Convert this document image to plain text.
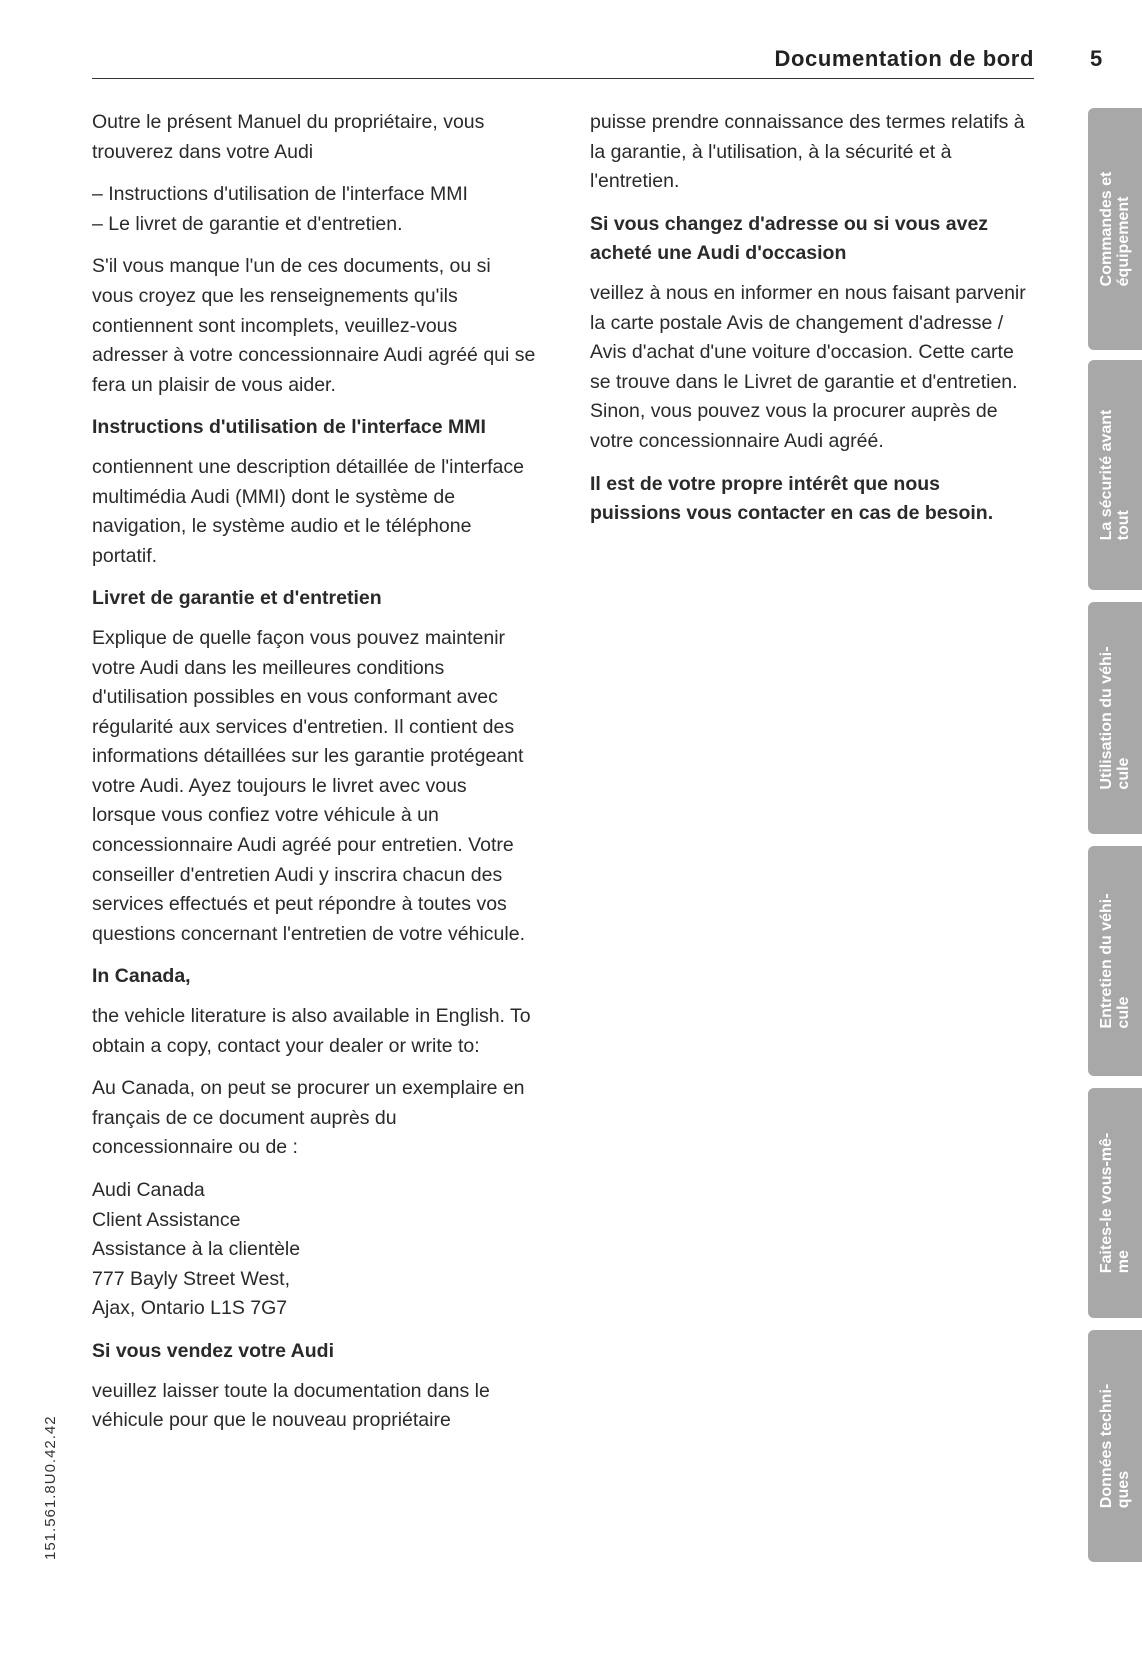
Documentation de bord	5

Outre le présent Manuel du propriétaire, vous trouverez dans votre Audi

– Instructions d'utilisation de l'interface MMI
– Le livret de garantie et d'entretien.

S'il vous manque l'un de ces documents, ou si vous croyez que les renseignements qu'ils contiennent sont incomplets, veuillez-vous adresser à votre concessionnaire Audi agréé qui se fera un plaisir de vous aider.

Instructions d'utilisation de l'interface MMI

contiennent une description détaillée de l'interface multimédia Audi (MMI) dont le système de navigation, le système audio et le téléphone portatif.

Livret de garantie et d'entretien

Explique de quelle façon vous pouvez maintenir votre Audi dans les meilleures conditions d'utilisation possibles en vous conformant avec régularité aux services d'entretien. Il contient des informations détaillées sur les garantie protégeant votre Audi. Ayez toujours le livret avec vous lorsque vous confiez votre véhicule à un concessionnaire Audi agréé pour entretien. Votre conseiller d'entretien Audi y inscrira chacun des services effectués et peut répondre à toutes vos questions concernant l'entretien de votre véhicule.

In Canada,

the vehicle literature is also available in English. To obtain a copy, contact your dealer or write to:

Au Canada, on peut se procurer un exemplaire en français de ce document auprès du concessionnaire ou de :

Audi Canada

Client Assistance

Assistance à la clientèle

777 Bayly Street West,

Ajax, Ontario L1S 7G7

Si vous vendez votre Audi

veuillez laisser toute la documentation dans le véhicule pour que le nouveau propriétaire

puisse prendre connaissance des termes relatifs à la garantie, à l'utilisation, à la sécurité et à l'entretien.

Si vous changez d'adresse ou si vous avez acheté une Audi d'occasion

veillez à nous en informer en nous faisant parvenir la carte postale Avis de changement d'adresse / Avis d'achat d'une voiture d'occasion. Cette carte se trouve dans le Livret de garantie et d'entretien. Sinon, vous pouvez vous la procurer auprès de votre concessionnaire Audi agréé.

Il est de votre propre intérêt que nous puissions vous contacter en cas de besoin.

Commandes et équipement
La sécurité avant tout
Utilisation du véhi- cule
Entretien du véhi- cule
Faites-le vous-mê- me
Données techni- ques
151.561.8U0.42.42
